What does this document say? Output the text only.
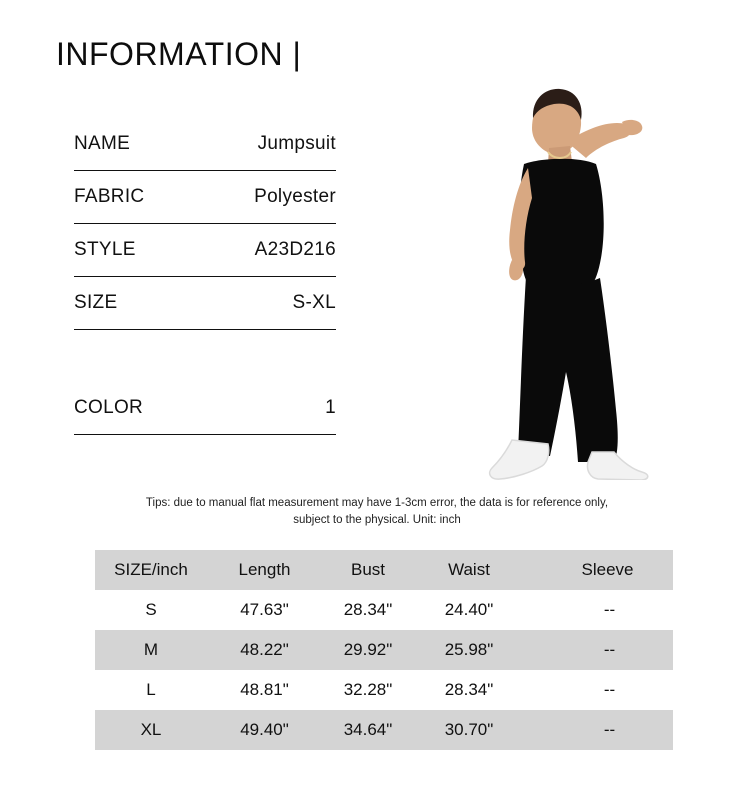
INFORMATION |
NAME	Jumpsuit
FABRIC	Polyester
STYLE	A23D216
SIZE	S-XL
COLOR	1
Tips: due to manual flat measurement may have 1-3cm error, the data is for reference only,
subject to the physical. Unit: inch
SIZE/inch	Length	Bust	Waist	Sleeve
S	47.63"	28.34"	24.40"	--
M	48.22"	29.92"	25.98"	--
L	48.81"	32.28"	28.34"	--
XL	49.40"	34.64"	30.70"	--
